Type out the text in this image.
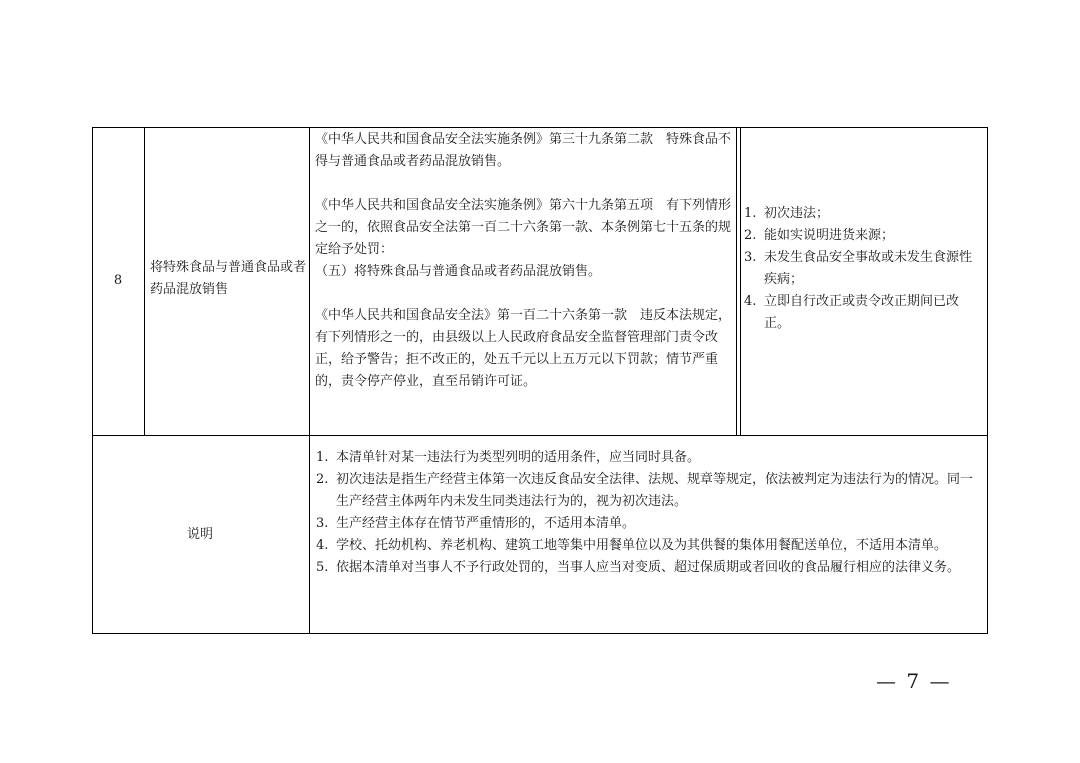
8
将特殊食品与普通食品或者药品混放销售

《中华人民共和国食品安全法实施条例》第三十九条第二款　特殊食品不得与普通食品或者药品混放销售。

《中华人民共和国食品安全法实施条例》第六十九条第五项　有下列情形之一的，依照食品安全法第一百二十六条第一款、本条例第七十五条的规定给予处罚：

（五）将特殊食品与普通食品或者药品混放销售。

《中华人民共和国食品安全法》第一百二十六条第一款　违反本法规定，有下列情形之一的，由县级以上人民政府食品安全监督管理部门责令改正，给予警告；拒不改正的，处五千元以上五万元以下罚款；情节严重的，责令停产停业，直至吊销许可证。

1. 初次违法；
2. 能如实说明进货来源；
3. 未发生食品安全事故或未发生食源性疾病；
4. 立即自行改正或责令改正期间已改正。
说明
1. 本清单针对某一违法行为类型列明的适用条件，应当同时具备。
2. 初次违法是指生产经营主体第一次违反食品安全法律、法规、规章等规定，依法被判定为违法行为的情况。同一生产经营主体两年内未发生同类违法行为的，视为初次违法。
3. 生产经营主体存在情节严重情形的，不适用本清单。
4. 学校、托幼机构、养老机构、建筑工地等集中用餐单位以及为其供餐的集体用餐配送单位，不适用本清单。
5. 依据本清单对当事人不予行政处罚的，当事人应当对变质、超过保质期或者回收的食品履行相应的法律义务。
— 7 —
